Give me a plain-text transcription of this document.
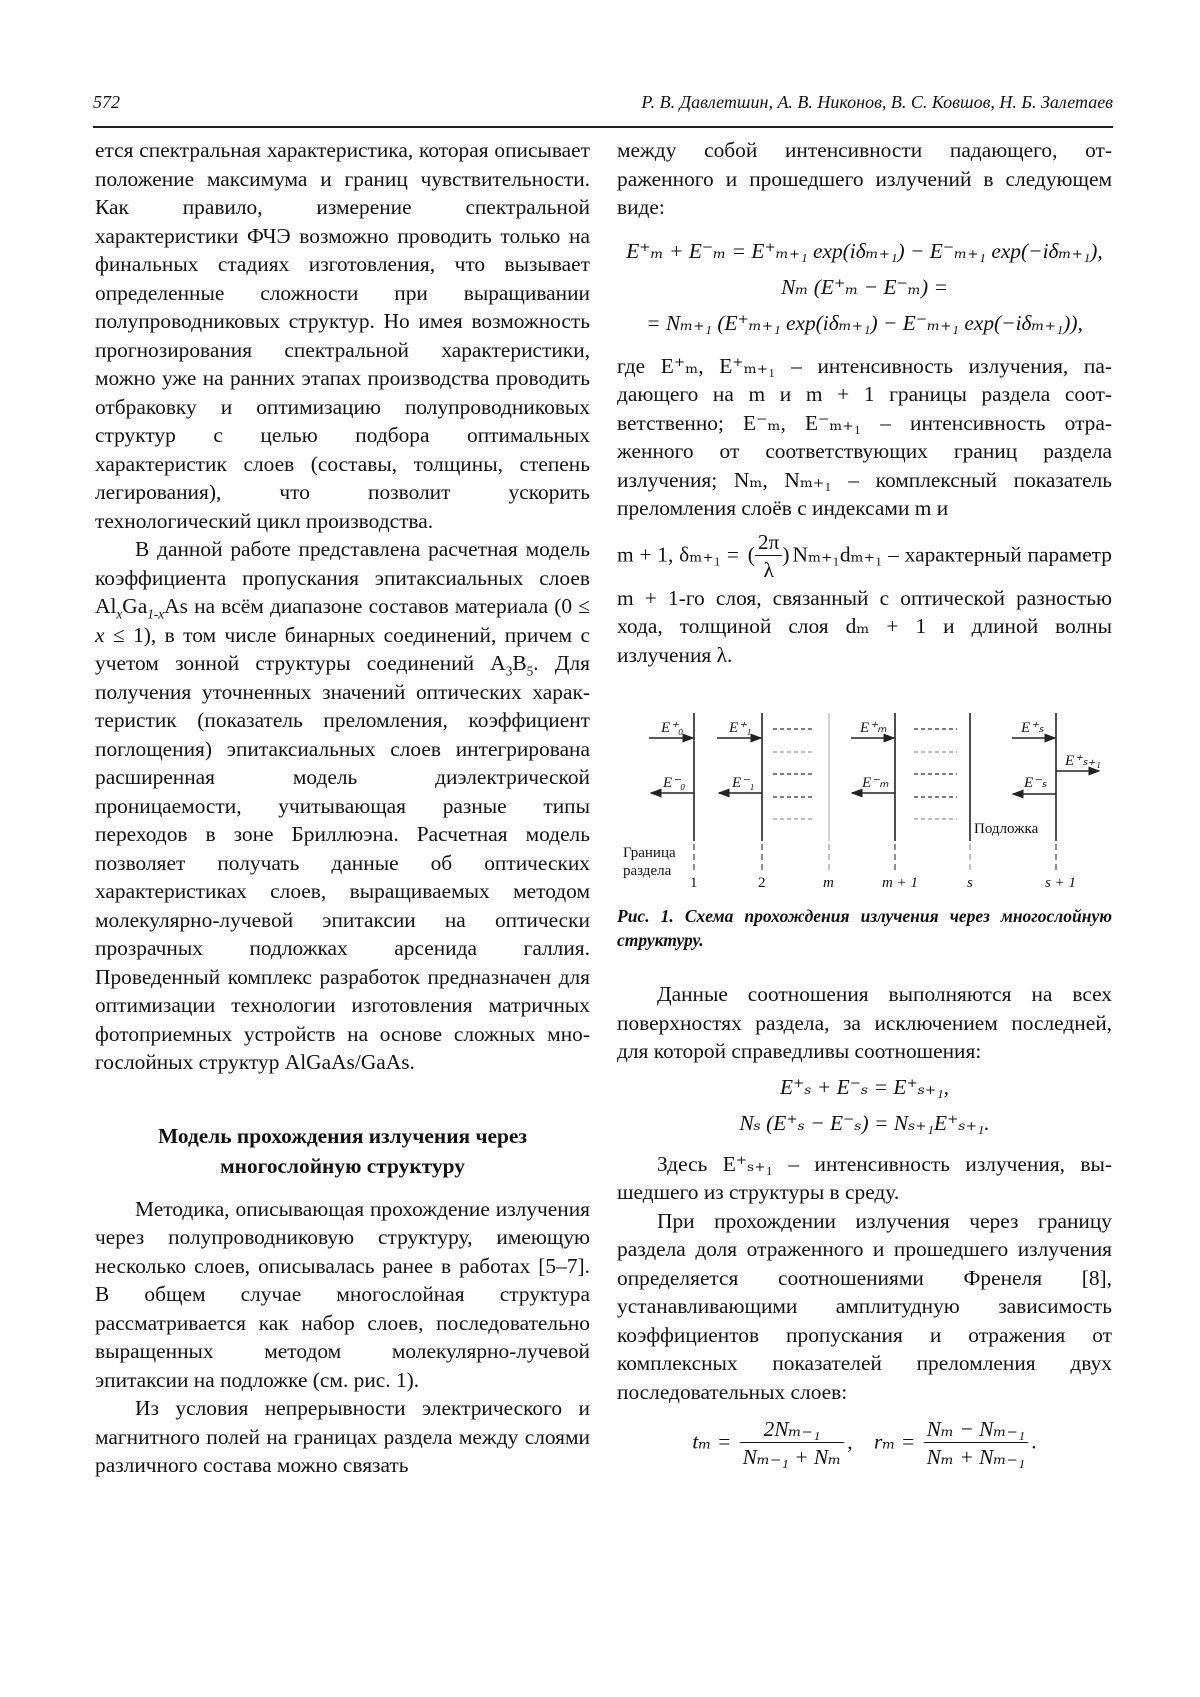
572	Р. В. Давлетшин, А. В. Никонов, В. С. Ковшов, Н. Б. Залетаев

ется спектральная характеристика, которая описывает положение максимума и границ чувствительности. Как правило, измерение спектральной характеристики ФЧЭ возможно проводить только на финальных стадиях изготовления, что вызывает определенные сложности при выращивании полупроводниковых структур. Но имея возможность прогнозирования спектральной характеристики, можно уже на ранних этапах производства проводить отбраковку и оптимизацию полупроводниковых структур с целью подбора оптимальных характеристик слоев (составы, толщины, степень легирования), что позволит ускорить технологический цикл производства.

В данной работе представлена расчетная модель коэффициента пропускания эпитаксиальных слоев $Al_xGa_{1-x}As$ на всём диапазоне составов материала (0 ≤ x ≤ 1), в том числе бинарных соединений, причем с учетом зонной структуры соединений $A_3B_5$. Для получения уточненных значений оптических характеристик (показатель преломления, коэффициент поглощения) эпитаксиальных слоев интегрирована расширенная модель диэлектрической проницаемости, учитывающая разные типы переходов в зоне Бриллюэна. Расчетная модель позволяет получать данные об оптических характеристиках слоев, выращиваемых методом молекулярно-лучевой эпитаксии на оптически прозрачных подложках арсенида галлия. Проведенный комплекс разработок предназначен для оптимизации технологии изготовления матричных фотоприемных устройств на основе сложных многослойных структур AlGaAs/GaAs.

Модель прохождения излучения через многослойную структуру

Методика, описывающая прохождение излучения через полупроводниковую структуру, имеющую несколько слоев, описывалась ранее в работах [5–7]. В общем случае многослойная структура рассматривается как набор слоев, последовательно выращенных методом молекулярно-лучевой эпитаксии на подложке (см. рис. 1).

Из условия непрерывности электрического и магнитного полей на границах раздела между слоями различного состава можно связать

между собой интенсивности падающего, отраженного и прошедшего излучений в следующем виде:

E⁺ₘ + E⁻ₘ = E⁺ₘ₊₁ exp(iδₘ₊₁) − E⁻ₘ₊₁ exp(−iδₘ₊₁),
Nₘ (E⁺ₘ − E⁻ₘ) =
= Nₘ₊₁ (E⁺ₘ₊₁ exp(iδₘ₊₁) − E⁻ₘ₊₁ exp(−iδₘ₊₁)),

где E⁺ₘ, E⁺ₘ₊₁ – интенсивность излучения, падающего на m и m + 1 границы раздела соответственно; E⁻ₘ, E⁻ₘ₊₁ – интенсивность отраженного от соответствующих границ раздела излучения; Nₘ, Nₘ₊₁ – комплексный показатель преломления слоёв с индексами m и

m + 1, δₘ₊₁ = ( $\frac{2\pi}{\lambda}$ ) Nₘ₊₁dₘ₊₁ – характерный параметр m + 1-го слоя, связанный с оптической разностью хода, толщиной слоя dₘ + 1 и длиной волны излучения λ.

E⁺₀
E⁻₀
E⁺₁
E⁻₁
E⁺ₘ
E⁻ₘ
E⁺ₛ
E⁻ₛ
E⁺ₛ₊₁
m	m + 1	s	s + 1
Подложка
Граница
раздела
1	2
Рис. 1. Схема прохождения излучения через многослойную структуру.

Данные соотношения выполняются на всех поверхностях раздела, за исключением последней, для которой справедливы соотношения:

E⁺ₛ + E⁻ₛ = E⁺ₛ₊₁,
Nₛ (E⁺ₛ − E⁻ₛ) = Nₛ₊₁E⁺ₛ₊₁.

Здесь E⁺ₛ₊₁ – интенсивность излучения, вышедшего из структуры в среду.

При прохождении излучения через границу раздела доля отраженного и прошедшего излучения определяется соотношениями Френеля [8], устанавливающими амплитудную зависимость коэффициентов пропускания и отражения от комплексных показателей преломления двух последовательных слоев:

$t_m = \frac{\text{2Nₘ₋₁}}{\text{Nₘ₋₁ + Nₘ}}$ , $r_m = \frac{\text{Nₘ − Nₘ₋₁}}{\text{Nₘ + Nₘ₋₁}}$ .
